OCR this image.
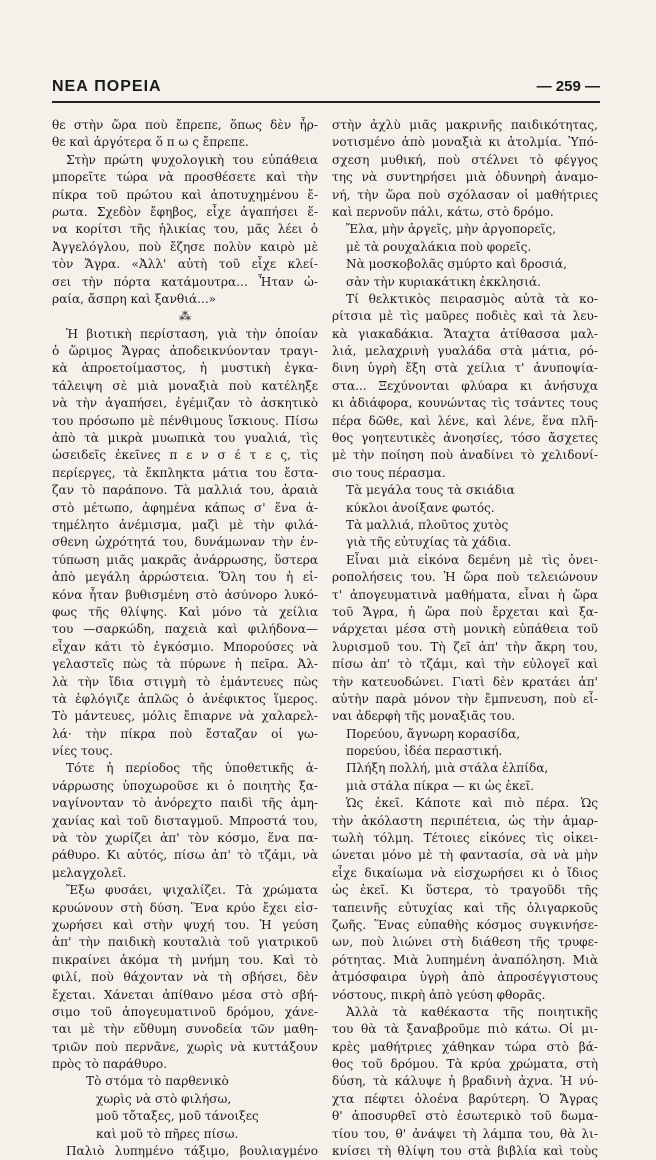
ΝΕΑ ΠΟΡΕΙΑ	— 259 —
θε στὴν ὥρα ποὺ ἔπρεπε, ὅπως δὲν ἦρ-
θε καὶ ἀργότερα ὅ π ω ς ἔπρεπε.
Στὴν πρώτη ψυχολογικὴ του εὐπάθεια
μπορεῖτε τώρα νὰ προσθέσετε καὶ τὴν
πίκρα τοῦ πρώτου καὶ ἀποτυχημένου ἔ-
ρωτα. Σχεδὸν ἔφηβος, εἶχε ἀγαπήσει ἕ-
να κορίτσι τῆς ἡλικίας του, μᾶς λέει ὁ
Ἀγγελόγλου, ποὺ ἔζησε πολὺν καιρὸ μὲ
τὸν Ἄγρα. «Ἀλλ' αὐτὴ τοῦ εἶχε κλεί-
σει τὴν πόρτα κατάμουτρα... Ἦταν ὡ-
ραία, ἄσπρη καὶ ξανθιά...»
⁂
Ἡ βιοτικὴ περίσταση, γιὰ τὴν ὁποίαν
ὁ ὥριμος Ἄγρας ἀποδεικνύονταν τραγι-
κὰ ἀπροετοίμαστος, ἡ μυστικὴ ἐγκα-
τάλειψη σὲ μιὰ μοναξιὰ ποὺ κατέληξε
νὰ τὴν ἀγαπήσει, ἐγέμιζαν τὸ ἀσκητικὸ
του πρόσωπο μὲ πένθιμους ἴσκιους. Πίσω
ἀπὸ τὰ μικρὰ μυωπικὰ του γυαλιά, τὶς
ὡσειδεῖς ἐκεῖνες π ε ν σ έ τ ε ς, τὶς
περίεργες, τὰ ἔκπληκτα μάτια του ἔστα-
ζαν τὸ παράπονο. Τὰ μαλλιά του, ἀραιὰ
στὸ μέτωπο, ἀφημένα κάπως σ' ἕνα ἀ-
τημέλητο ἀνέμισμα, μαζὶ μὲ τὴν φιλά-
σθενη ὠχρότητά του, δυνάμωναν τὴν ἐν-
τύπωση μιᾶς μακρᾶς ἀνάρρωσης, ὕστερα
ἀπὸ μεγάλη ἀρρώστεια. Ὅλη του ἡ εἰ-
κόνα ἦταν βυθισμένη στὸ ἀσύνορο λυκό-
φως τῆς θλίψης. Καὶ μόνο τὰ χείλια
του —σαρκώδη, παχειὰ καὶ φιλήδονα—
εἶχαν κάτι τὸ ἐγκόσμιο. Μπορούσες νὰ
γελαστεῖς πὼς τὰ πύρωνε ἡ πεῖρα. Ἀλ-
λὰ τὴν ἴδια στιγμὴ τὸ ἐμάντευες πὼς
τὰ ἐφλόγιζε ἁπλῶς ὁ ἀνέφικτος ἵμερος.
Τὸ μάντευες, μόλις ἔπιαρνε νὰ χαλαρελ-
λά· τὴν πίκρα ποὺ ἔσταζαν οἱ γω-
νίες τους.
Τότε ἡ περίοδος τῆς ὑποθετικῆς ἀ-
νάρρωσης ὑποχωροῦσε κι ὁ ποιητὴς ξα-
ναγίνονταν τὸ ἀνόρεχτο παιδὶ τῆς ἀμη-
χανίας καὶ τοῦ δισταγμοῦ. Μπροστά του,
νὰ τὸν χωρίζει ἀπ' τὸν κόσμο, ἕνα πα-
ράθυρο. Κι αὐτός, πίσω ἀπ' τὸ τζάμι, νὰ
μελαγχολεῖ.
Ἔξω φυσάει, ψιχαλίζει. Τὰ χρώματα
κρυώνουν στὴ δύση. Ἕνα κρύο ἔχει εἰσ-
χωρήσει καὶ στὴν ψυχή του. Ἡ γεύση
ἀπ' τὴν παιδικὴ κουταλιὰ τοῦ γιατρικοῦ
πικραίνει ἀκόμα τὴ μνήμη του. Καὶ τὸ
φιλί, ποὺ θάχονταν νὰ τὴ σβήσει, δὲν
ἔχεται. Χάνεται ἀπίθανο μέσα στὸ σβή-
σιμο τοῦ ἀπογευματινοῦ δρόμου, χάνε-
ται μὲ τὴν εὔθυμη συνοδεία τῶν μαθη-
τριῶν ποὺ περνᾶνε, χωρὶς νὰ κυττάξουν
πρὸς τὸ παράθυρο.
Τὸ στόμα τὸ παρθενικὸ
χωρὶς νὰ στὸ φιλήσω,
μοῦ τὄταξες, μοῦ τάνοιξες
καὶ μοῦ τὸ πῆρες πίσω.
Παλιὸ λυπημένο τάξιμο, βουλιαγμένο
στὴν ἀχλὺ μιᾶς μακρινῆς παιδικότητας,
νοτισμένο ἀπὸ μοναξιὰ κι ἀτολμία. Ὑπό-
σχεση μυθική, ποὺ στέλνει τὸ φέγγος
της νὰ συντηρήσει μιὰ ὀδυνηρὴ ἀναμο-
νή, τὴν ὥρα ποὺ σχόλασαν οἱ μαθήτριες
καὶ περνοῦν πάλι, κάτω, στὸ δρόμο.
Ἔλα, μὴν ἀργεῖς, μὴν ἀργοπορεῖς,
μὲ τὰ ρουχαλάκια ποὺ φορεῖς.
Νὰ μοσκοβολᾶς σμύρτο καὶ δροσιά,
σὰν τὴν κυριακάτικη ἐκκλησιά.
Τί θελκτικὸς πειρασμὸς αὐτὰ τὰ κο-
ρίτσια μὲ τὶς μαῦρες ποδιὲς καὶ τὰ λευ-
κὰ γιακαδάκια. Ἄταχτα ἀτίθασσα μαλ-
λιά, μελαχρινὴ γυαλάδα στὰ μάτια, ρό-
δινη ὑγρὴ ἔξη στὰ χείλια τ' ἀνυποψία-
στα... Ξεχύνονται φλύαρα κι ἀνήσυχα
κι ἀδιάφορα, κουνώντας τὶς τσάντες τους
πέρα δῶθε, καὶ λένε, καὶ λένε, ἕνα πλῆ-
θος γοητευτικὲς ἀνοησίες, τόσο ἄσχετες
μὲ τὴν ποίηση ποὺ ἀναδίνει τὸ χελιδονί-
σιο τους πέρασμα.
Τὰ μεγάλα τους τὰ σκιάδια
κύκλοι ἀνοίξανε φωτός.
Τὰ μαλλιά, πλοῦτος χυτὸς
γιὰ τῆς εὐτυχίας τὰ χάδια.
Εἶναι μιὰ εἰκόνα δεμένη μὲ τὶς ὀνει-
ροπολήσεις του. Ἡ ὥρα ποὺ τελειώνουν
τ' ἀπογευματινὰ μαθήματα, εἶναι ἡ ὥρα
τοῦ Ἄγρα, ἡ ὥρα ποὺ ἔρχεται καὶ ξα-
νάρχεται μέσα στὴ μονικὴ εὐπάθεια τοῦ
λυρισμοῦ του. Τὴ ζεῖ ἀπ' τὴν ἄκρη του,
πίσω ἀπ' τὸ τζάμι, καὶ τὴν εὐλογεῖ καὶ
τὴν κατευοδώνει. Γιατὶ δὲν κρατάει ἀπ'
αὐτὴν παρὰ μόνον τὴν ἔμπνευση, ποὺ εἶ-
ναι ἀδερφὴ τῆς μοναξιᾶς του.
Πορεύου, ἄγνωρη κορασίδα,
πορεύου, ἰδέα περαστική.
Πλήξη πολλή, μιὰ στάλα ἐλπίδα,
μιὰ στάλα πίκρα — κι ὡς ἐκεῖ.
Ὡς ἐκεῖ. Κάποτε καὶ πιὸ πέρα. Ὡς
τὴν ἀκόλαστη περιπέτεια, ὡς τὴν ἁμαρ-
τωλὴ τόλμη. Τέτοιες εἰκόνες τὶς οἰκει-
ώνεται μόνο μὲ τὴ φαντασία, σὰ νὰ μὴν
εἶχε δικαίωμα νὰ εἰσχωρήσει κι ὁ ἴδιος
ὡς ἐκεῖ. Κι ὕστερα, τὸ τραγοῦδι τῆς
ταπεινῆς εὐτυχίας καὶ τῆς ὀλιγαρκοῦς
ζωῆς. Ἕνας εὐπαθὴς κόσμος συγκινήσε-
ων, ποὺ λιώνει στὴ διάθεση τῆς τρυφε-
ρότητας. Μιὰ λυπημένη ἀναπόληση. Μιὰ
ἀτμόσφαιρα ὑγρὴ ἀπὸ ἀπροσέγγιστους
νόστους, πικρὴ ἀπὸ γεύση φθορᾶς.
Ἀλλὰ τὰ καθέκαστα τῆς ποιητικῆς
του θὰ τὰ ξαναβροῦμε πιὸ κάτω. Οἱ μι-
κρὲς μαθήτριες χάθηκαν τώρα στὸ βά-
θος τοῦ δρόμου. Τὰ κρύα χρώματα, στὴ
δύση, τὰ κάλυψε ἡ βραδινὴ ἀχνα. Ἡ νύ-
χτα πέφτει ὁλοένα βαρύτερη. Ὁ Ἄγρας
θ' ἀποσυρθεῖ στὸ ἐσωτερικὸ τοῦ δωμα-
τίου του, θ' ἀνάψει τὴ λάμπα του, θὰ λι-
κνίσει τὴ θλίψη του στὰ βιβλία καὶ τοὺς
